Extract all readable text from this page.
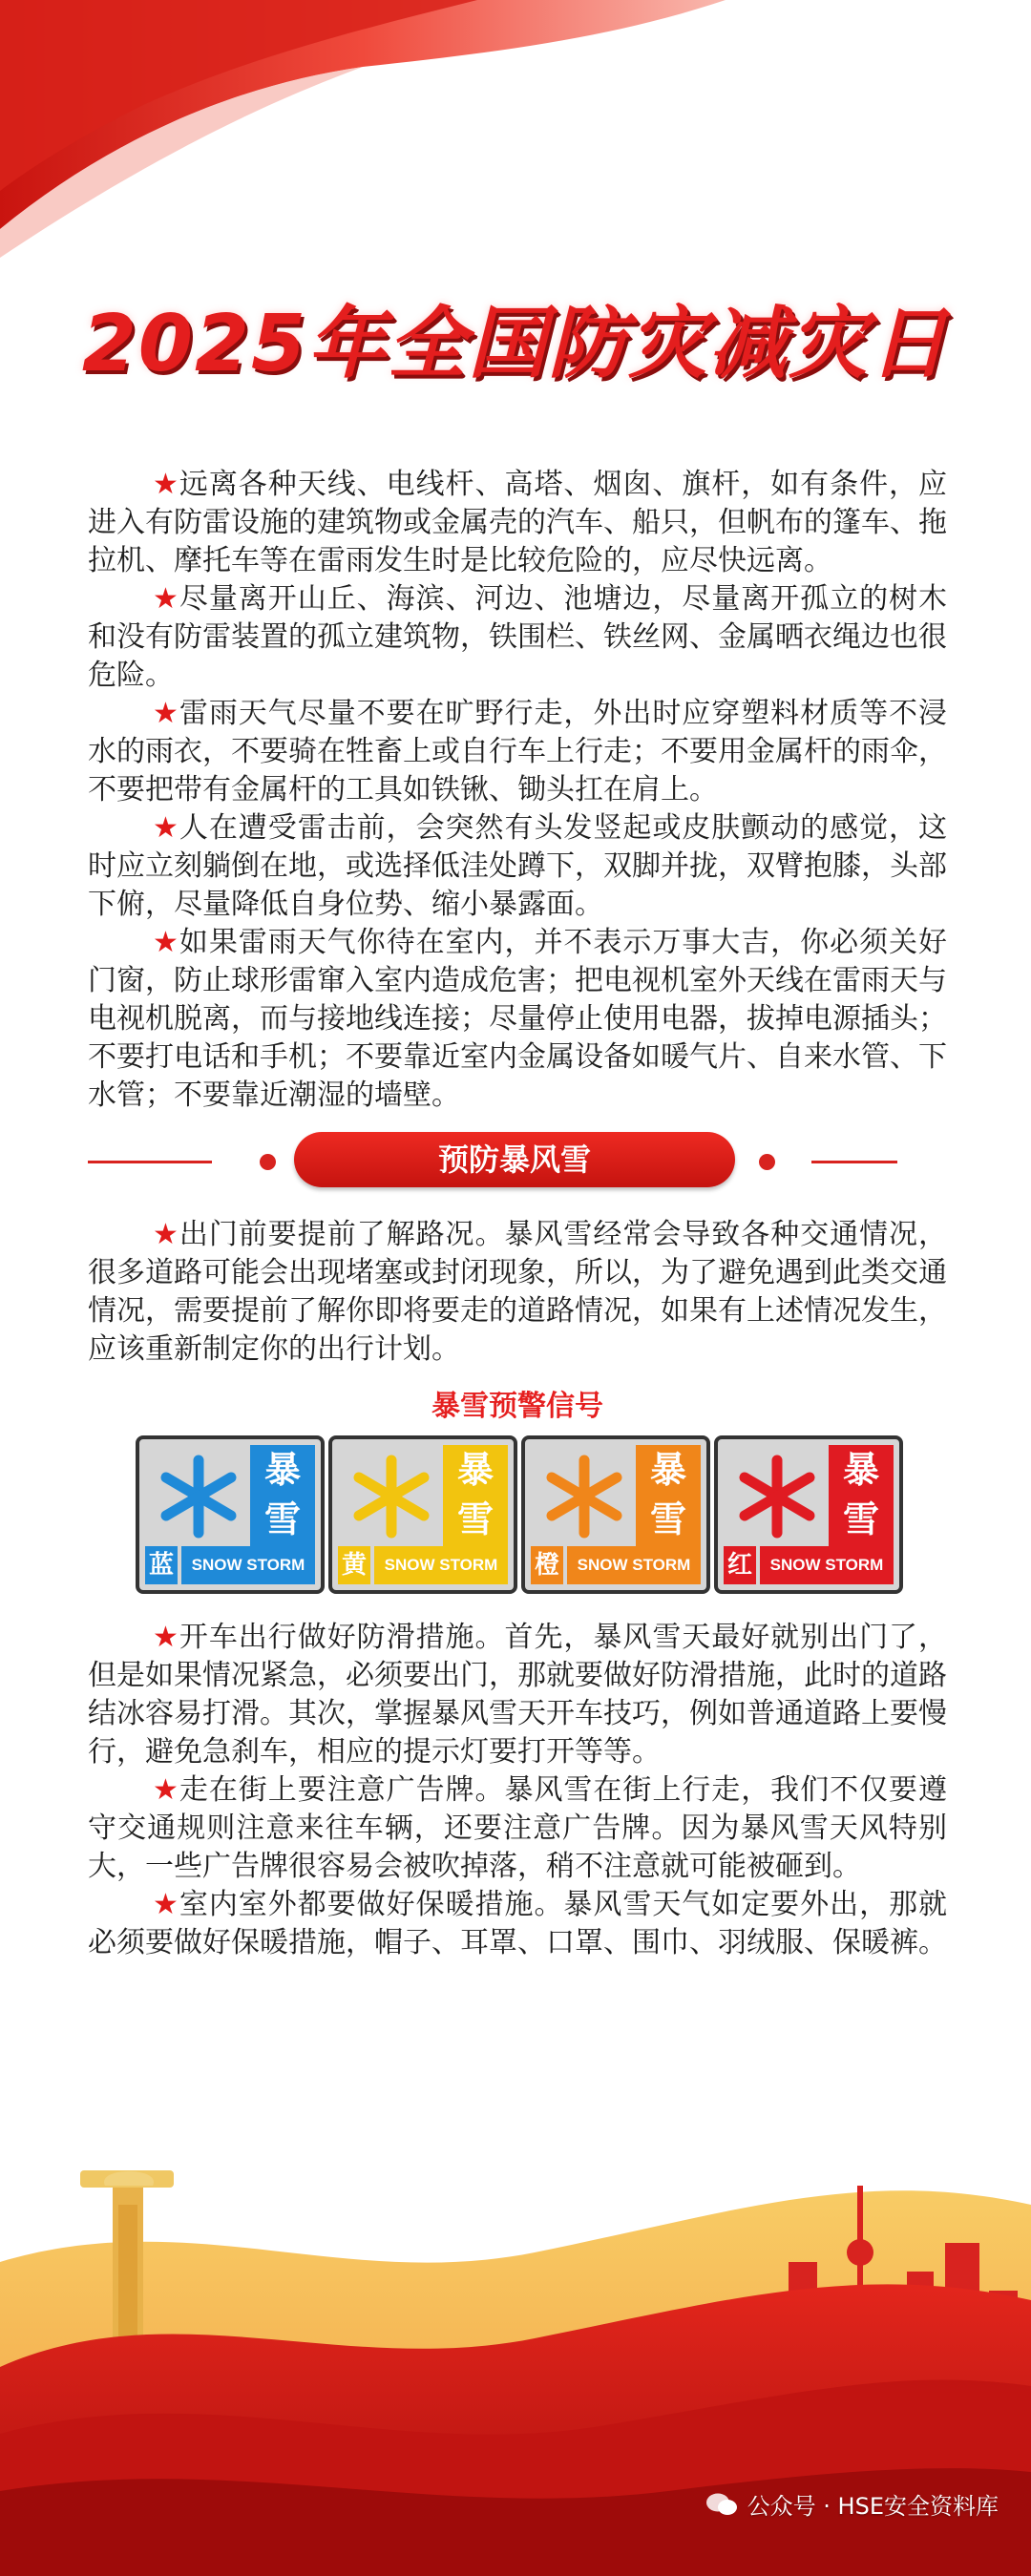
2025年全国防灾减灾日

★远离各种天线、电线杆、高塔、烟囱、旗杆，如有条件，应进入有防雷设施的建筑物或金属壳的汽车、船只，但帆布的篷车、拖拉机、摩托车等在雷雨发生时是比较危险的，应尽快远离。

★尽量离开山丘、海滨、河边、池塘边，尽量离开孤立的树木和没有防雷装置的孤立建筑物，铁围栏、铁丝网、金属晒衣绳边也很危险。

★雷雨天气尽量不要在旷野行走，外出时应穿塑料材质等不浸水的雨衣，不要骑在牲畜上或自行车上行走；不要用金属杆的雨伞，不要把带有金属杆的工具如铁锹、锄头扛在肩上。

★人在遭受雷击前，会突然有头发竖起或皮肤颤动的感觉，这时应立刻躺倒在地，或选择低洼处蹲下，双脚并拢，双臂抱膝，头部下俯，尽量降低自身位势、缩小暴露面。

★如果雷雨天气你待在室内，并不表示万事大吉，你必须关好门窗，防止球形雷窜入室内造成危害；把电视机室外天线在雷雨天与电视机脱离，而与接地线连接；尽量停止使用电器，拔掉电源插头；不要打电话和手机；不要靠近室内金属设备如暖气片、自来水管、下水管；不要靠近潮湿的墙壁。

预防暴风雪

★出门前要提前了解路况。暴风雪经常会导致各种交通情况，很多道路可能会出现堵塞或封闭现象，所以，为了避免遇到此类交通情况，需要提前了解你即将要走的道路情况，如果有上述情况发生，应该重新制定你的出行计划。

暴雪预警信号
暴
雪
蓝	SNOW STORM
暴
雪
黄	SNOW STORM
暴
雪
橙	SNOW STORM
暴
雪
红	SNOW STORM

★开车出行做好防滑措施。首先，暴风雪天最好就别出门了，但是如果情况紧急，必须要出门，那就要做好防滑措施，此时的道路结冰容易打滑。其次，掌握暴风雪天开车技巧，例如普通道路上要慢行，避免急刹车，相应的提示灯要打开等等。

★走在街上要注意广告牌。暴风雪在街上行走，我们不仅要遵守交通规则注意来往车辆，还要注意广告牌。因为暴风雪天风特别大，一些广告牌很容易会被吹掉落，稍不注意就可能被砸到。

★室内室外都要做好保暖措施。暴风雪天气如定要外出，那就必须要做好保暖措施，帽子、耳罩、口罩、围巾、羽绒服、保暖裤。

公众号 · HSE安全资料库
